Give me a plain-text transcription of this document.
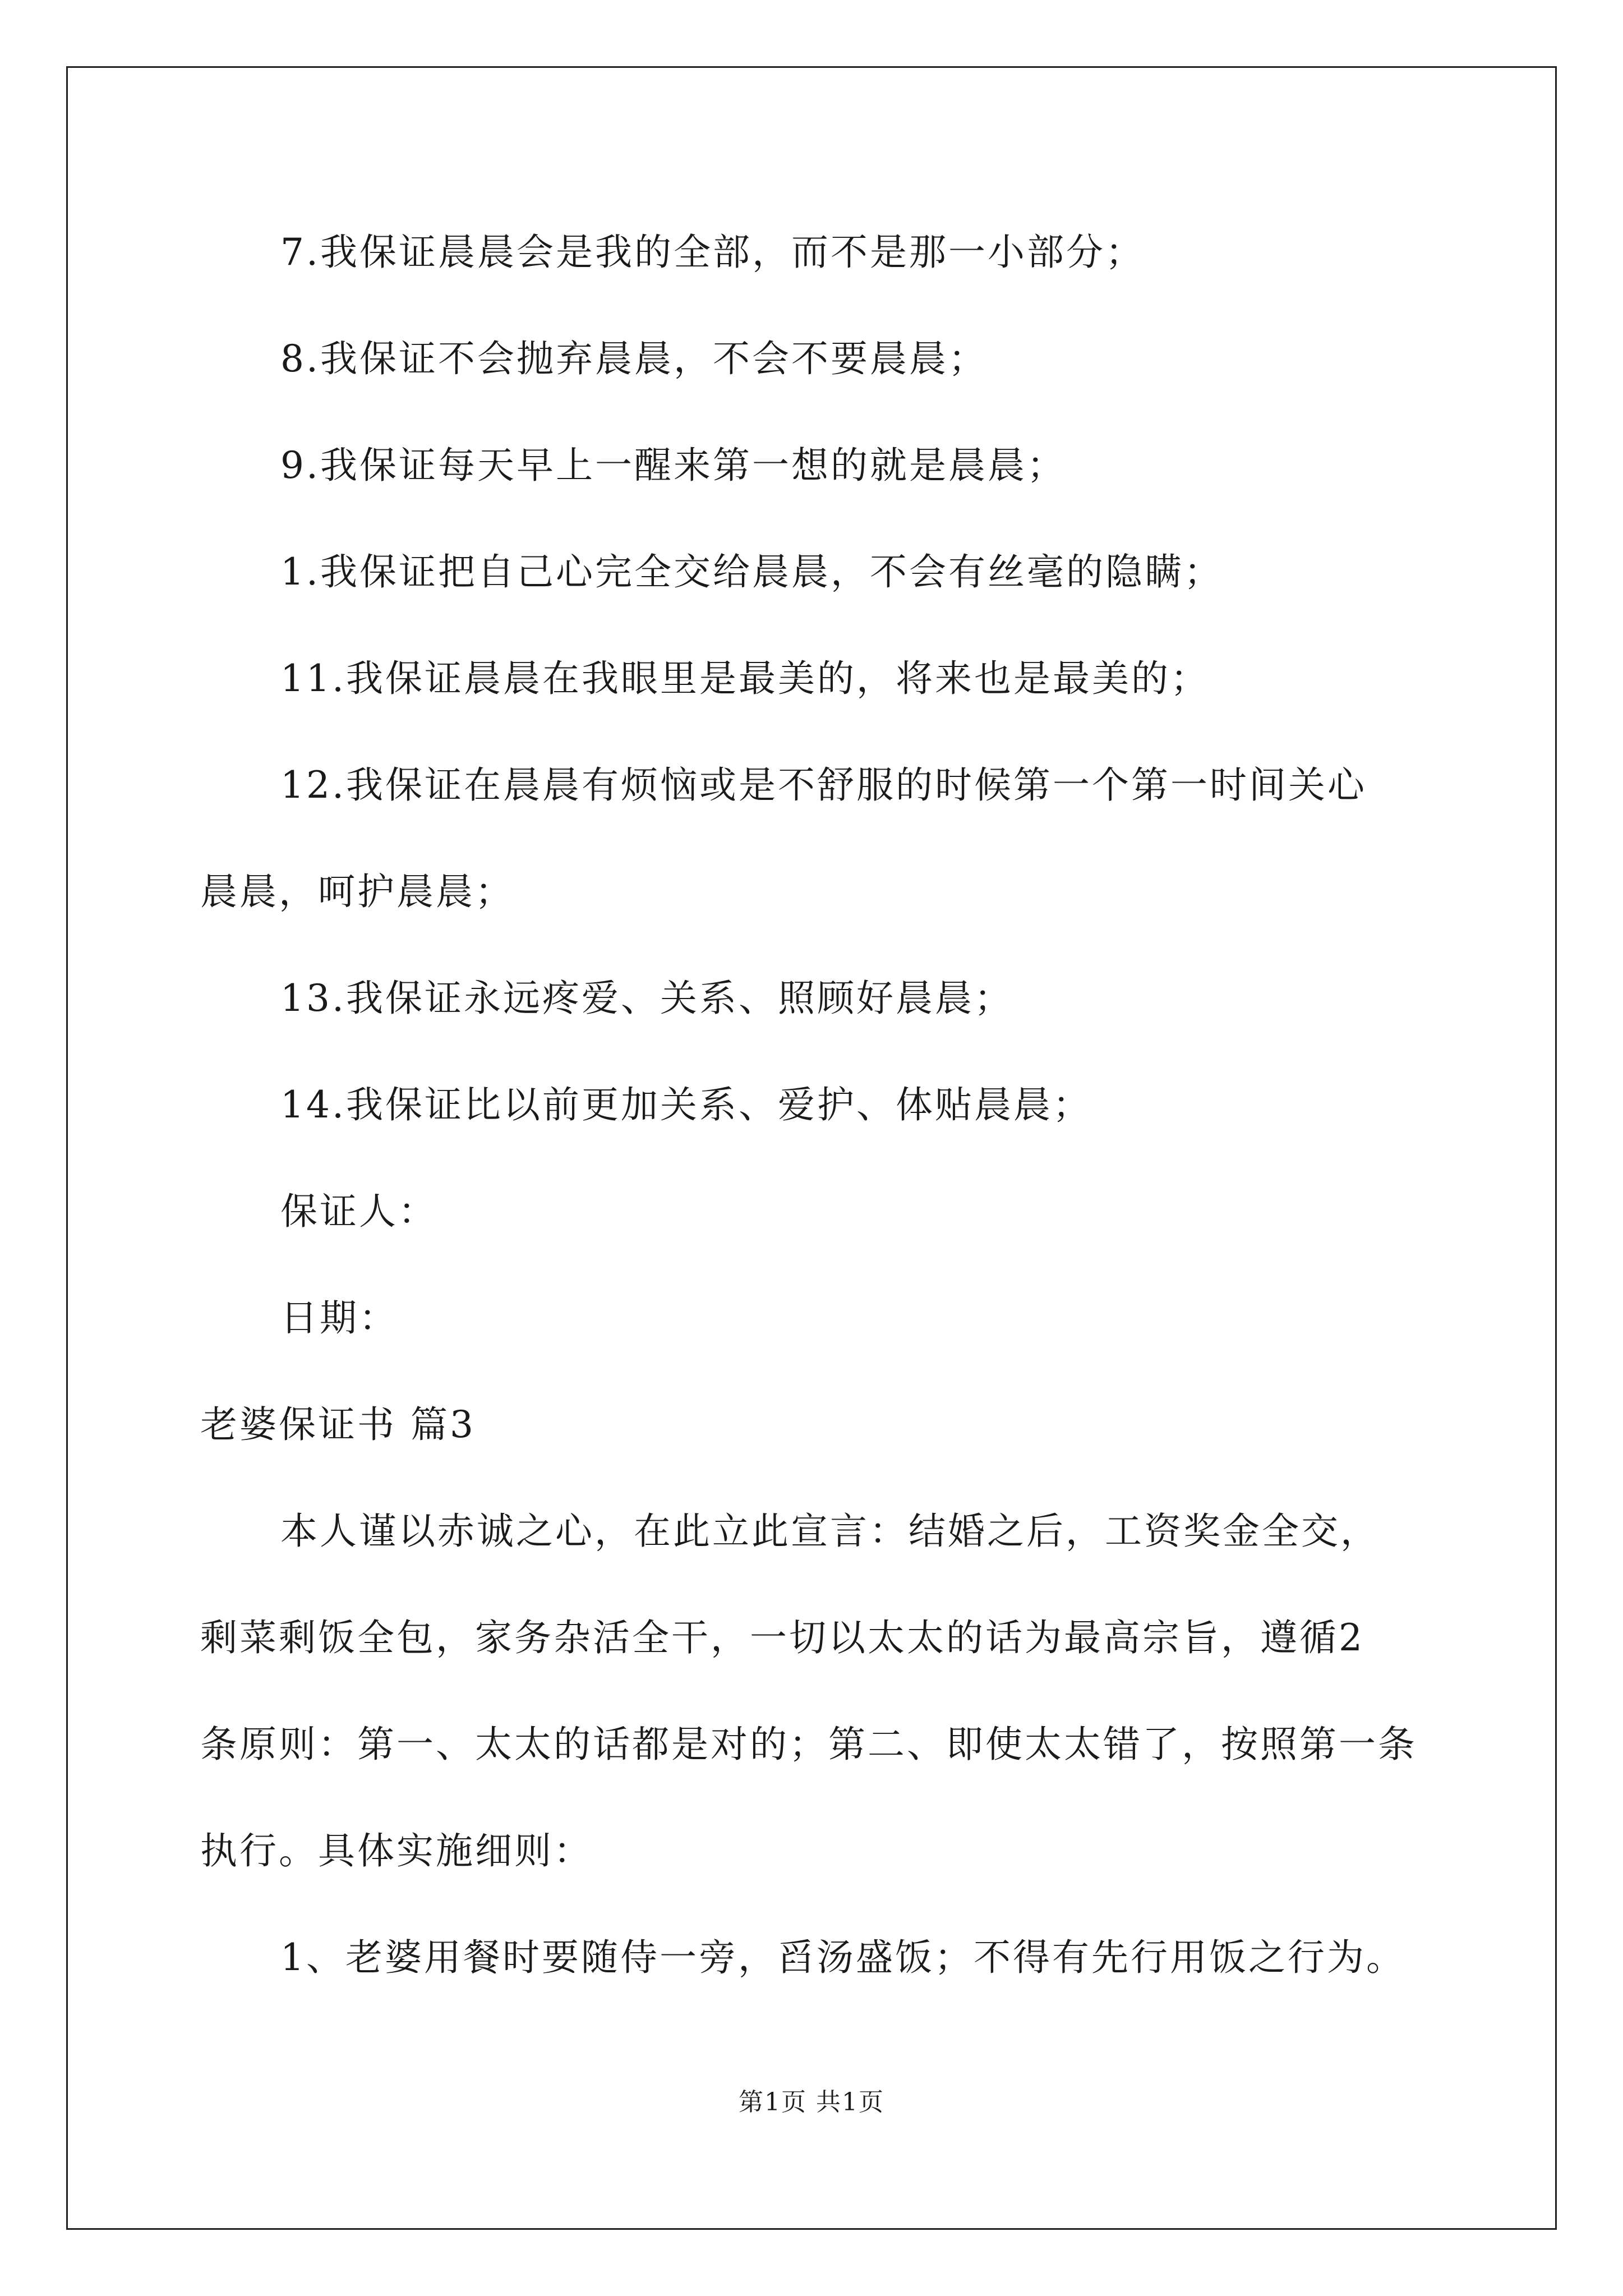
7.我保证晨晨会是我的全部，而不是那一小部分；
8.我保证不会抛弃晨晨，不会不要晨晨；
9.我保证每天早上一醒来第一想的就是晨晨；
1.我保证把自己心完全交给晨晨，不会有丝毫的隐瞒；
11.我保证晨晨在我眼里是最美的，将来也是最美的；
12.我保证在晨晨有烦恼或是不舒服的时候第一个第一时间关心
晨晨，呵护晨晨；
13.我保证永远疼爱、关系、照顾好晨晨；
14.我保证比以前更加关系、爱护、体贴晨晨；
保证人：
日期：
老婆保证书 篇3
本人谨以赤诚之心，在此立此宣言：结婚之后，工资奖金全交，
剩菜剩饭全包，家务杂活全干，一切以太太的话为最高宗旨，遵循2
条原则：第一、太太的话都是对的；第二、即使太太错了，按照第一条
执行。具体实施细则：
1、老婆用餐时要随侍一旁，舀汤盛饭；不得有先行用饭之行为。
第1页 共1页
